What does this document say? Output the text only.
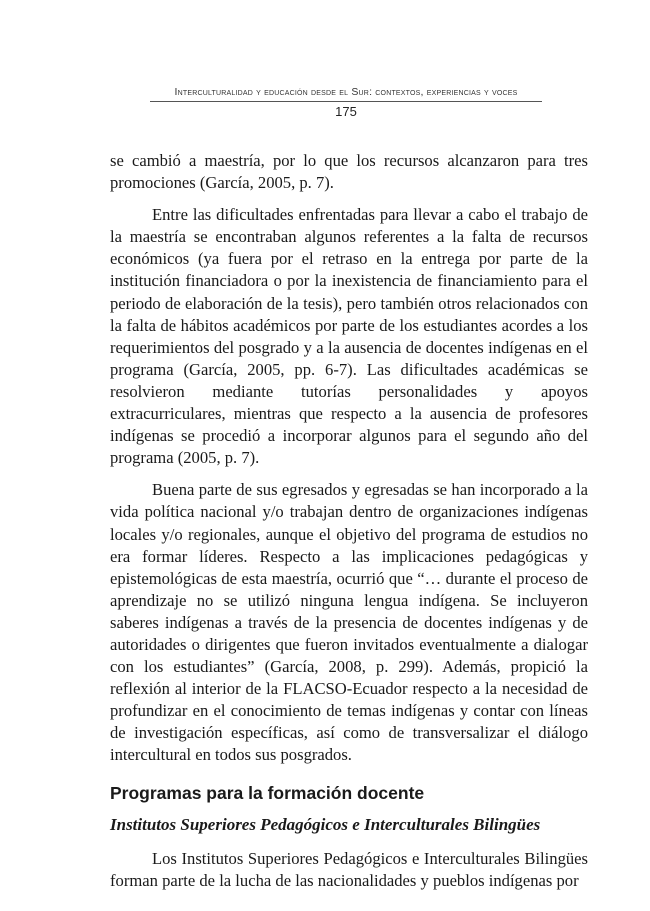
Interculturalidad y educación desde el Sur: contextos, experiencias y voces
175

se cambió a maestría, por lo que los recursos alcanzaron para tres promociones (García, 2005, p. 7).

Entre las dificultades enfrentadas para llevar a cabo el trabajo de la maestría se encontraban algunos referentes a la falta de recursos económicos (ya fuera por el retraso en la entrega por parte de la institución financiadora o por la inexistencia de financiamiento para el periodo de elaboración de la tesis), pero también otros relacionados con la falta de hábitos académicos por parte de los estudiantes acordes a los requerimientos del posgrado y a la ausencia de docentes indígenas en el programa (García, 2005, pp. 6-7). Las dificultades académicas se resolvieron mediante tutorías personalidades y apoyos extracurriculares, mientras que respecto a la ausencia de profesores indígenas se procedió a incorporar algunos para el segundo año del programa (2005, p. 7).

Buena parte de sus egresados y egresadas se han incorporado a la vida política nacional y/o trabajan dentro de organizaciones indígenas locales y/o regionales, aunque el objetivo del programa de estudios no era formar líderes. Respecto a las implicaciones pedagógicas y epistemológicas de esta maestría, ocurrió que “… durante el proceso de aprendizaje no se utilizó ninguna lengua indígena. Se incluyeron saberes indígenas a través de la presencia de docentes indígenas y de autoridades o dirigentes que fueron invitados eventualmente a dialogar con los estudiantes” (García, 2008, p. 299). Además, propició la reflexión al interior de la FLACSO-Ecuador respecto a la necesidad de profundizar en el conocimiento de temas indígenas y contar con líneas de investigación específicas, así como de transversalizar el diálogo intercultural en todos sus posgrados.

Programas para la formación docente
Institutos Superiores Pedagógicos e Interculturales Bilingües

Los Institutos Superiores Pedagógicos e Interculturales Bilingües forman parte de la lucha de las nacionalidades y pueblos indígenas por
